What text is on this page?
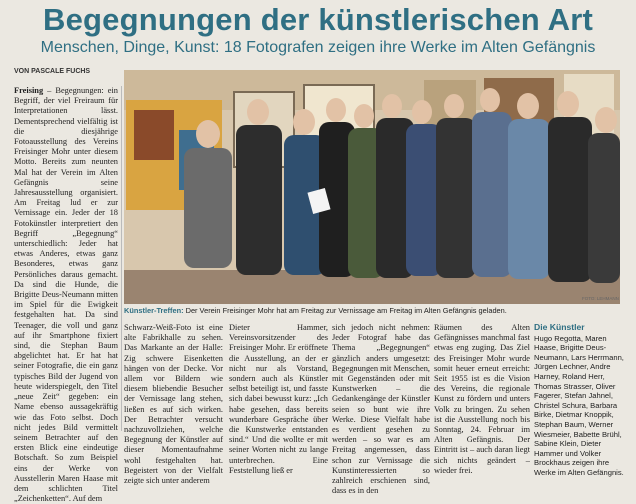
Begegnungen der künstlerischen Art
Menschen, Dinge, Kunst: 18 Fotografen zeigen ihre Werke im Alten Gefängnis
VON PASCALE FUCHS

Freising – Begegnungen: ein Begriff, der viel Freiraum für Interpretationen lässt. Dementsprechend vielfältig ist die diesjährige Fotoausstellung des Vereins Freisinger Mohr unter diesem Motto. Bereits zum neunten Mal hat der Verein im Alten Gefängnis seine Jahresausstellung organisiert. Am Freitag lud er zur Vernissage ein. Jeder der 18 Fotokünstler interpretiert den Begriff „Begegnung“ unterschiedlich: Jeder hat etwas Anderes, etwas ganz Besonderes, etwas ganz Persönliches daraus gemacht. Da sind die Hunde, die Brigitte Deus-Neumann mitten im Spiel für die Ewigkeit festgehalten hat. Da sind Teenager, die voll und ganz auf ihr Smartphone fixiert sind, die Stephan Baum abgelichtet hat. Er hat hat seiner Fotografie, die ein ganz typisches Bild der Jugend von heute widerspiegelt, den Titel „neue Zeit“ gegeben: ein Name ebenso aussagekräftig wie das Foto selbst. Doch nicht jedes Bild vermittelt seinem Betrachter auf den ersten Blick eine eindeutige Botschaft. So zum Beispiel eins der Werke von Ausstellerin Maren Haase mit dem schlichten Titel „Zeichenketten“. Auf dem

FOTO: LEHMANN
Künstler-Treffen: Der Verein Freisinger Mohr hat am Freitag zur Vernissage am Freitag im Alten Gefängnis geladen.

Schwarz-Weiß-Foto ist eine alte Fabrikhalle zu sehen. Das Markante an der Halle: Zig schwere Eisenketten hängen von der Decke. Vor allem vor Bildern wie diesem bliebendie Besucher der Vernissage lang stehen, ließen es auf sich wirken. Der Betrachter versucht nachzuvollziehen, welche Begegnung der Künstler auf dieser Momentaufnahme wohl festgehalten hat. Begeistert von der Vielfalt zeigte sich unter anderem

Dieter Hammer, Vereinsvorsitzender des Freisinger Mohr. Er eröffnete die Ausstellung, an der er nicht nur als Vorstand, sondern auch als Künstler selbst beteiligt ist, und fasste sich dabei bewusst kurz: „Ich habe gesehen, dass bereits wunderbare Gespräche über die Kunstwerke entstanden sind.“ Und die wollte er mit seiner Worten nicht zu lange unterbrechen. Eine Feststellung ließ er

sich jedoch nicht nehmen: Jeder Fotograf habe das Thema „Begegnungen“ gänzlich anders umgesetzt: Begegnungen mit Menschen, mit Gegenständen oder mit Kunstwerken – die Gedankengänge der Künstler seien so bunt wie ihre Werke. Diese Vielfalt habe es verdient gesehen zu werden – so war es am Freitag angemessen, dass schon zur Vernissage die Kunstinteressierten so zahlreich erschienen sind, dass es in den

Räumen des Alten Gefängnisses manchmal fast etwas eng zuging. Das Ziel des Freisinger Mohr wurde somit heuer erneut erreicht: Seit 1955 ist es die Vision des Vereins, die regionale Kunst zu fördern und unters Volk zu bringen. Zu sehen ist die Ausstellung noch bis Sonntag, 24. Februar im Alten Gefängnis. Der Eintritt ist – auch daran liegt sich nichts geändert – wieder frei.

Die Künstler
Hugo Regotta, Maren Haase, Brigitte Deus-Neumann, Lars Herrmann, Jürgen Lechner, Andre Harney, Roland Herr, Thomas Strasser, Oliver Fagerer, Stefan Jahnel, Christel Schura, Barbara Birke, Dietmar Knoppik, Stephan Baum, Werner Wiesmeier, Babette Brühl, Sabine Klein, Dieter Hammer und Volker Brockhaus zeigen ihre Werke im Alten Gefängnis.
